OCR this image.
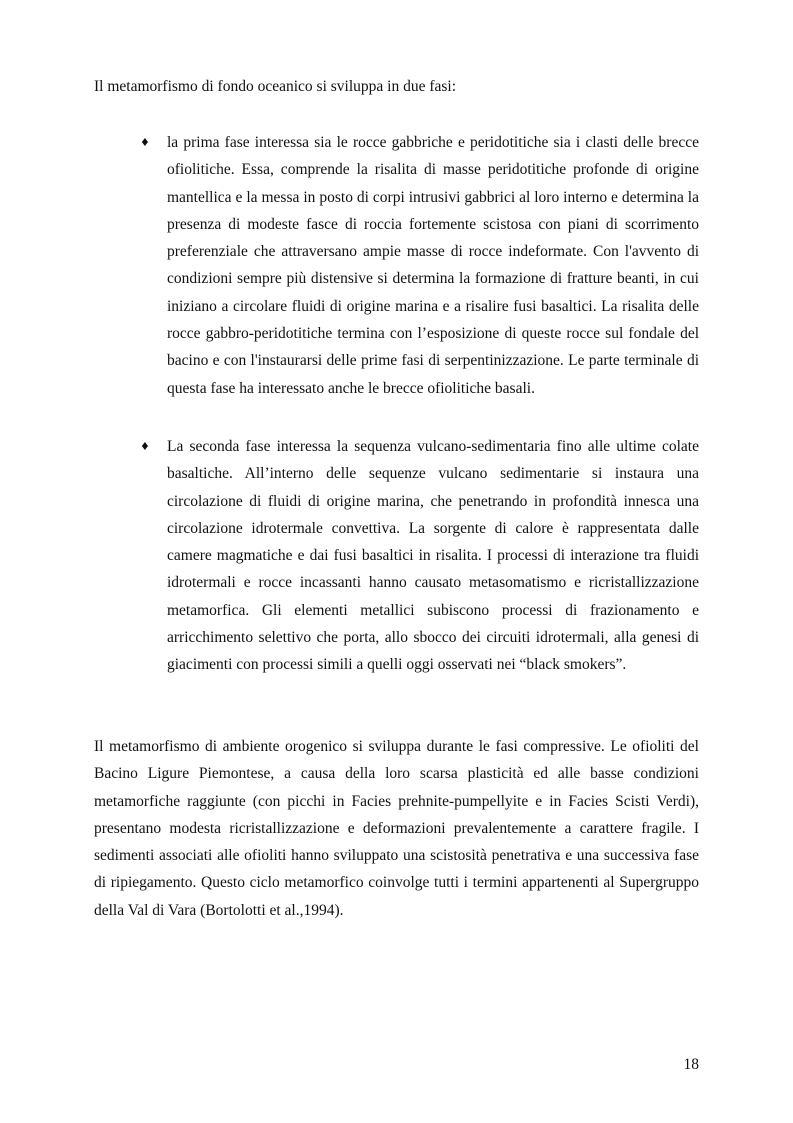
Il metamorfismo di fondo oceanico si sviluppa in due fasi:

♦	la prima fase interessa sia le rocce gabbriche e peridotitiche sia i clasti delle brecce ofiolitiche. Essa, comprende la risalita di masse peridotitiche profonde di origine mantellica e la messa in posto di corpi intrusivi gabbrici al loro interno e determina la presenza di modeste fasce di roccia fortemente scistosa con piani di scorrimento preferenziale che attraversano ampie masse di rocce indeformate. Con l'avvento di condizioni sempre più distensive si determina la formazione di fratture beanti, in cui iniziano a circolare fluidi di origine marina e a risalire fusi basaltici. La risalita delle rocce gabbro-peridotitiche termina con l’esposizione di queste rocce sul fondale del bacino e con l'instaurarsi delle prime fasi di serpentinizzazione. Le parte terminale di questa fase ha interessato anche le brecce ofiolitiche basali.

♦	La seconda fase interessa la sequenza vulcano-sedimentaria fino alle ultime colate basaltiche. All’interno delle sequenze vulcano sedimentarie si instaura una circolazione di fluidi di origine marina, che penetrando in profondità innesca una circolazione idrotermale convettiva. La sorgente di calore è rappresentata dalle camere magmatiche e dai fusi basaltici in risalita. I processi di interazione tra fluidi idrotermali e rocce incassanti hanno causato metasomatismo e ricristallizzazione metamorfica. Gli elementi metallici subiscono processi di frazionamento e arricchimento selettivo che porta, allo sbocco dei circuiti idrotermali, alla genesi di giacimenti con processi simili a quelli oggi osservati nei “black smokers”.

Il metamorfismo di ambiente orogenico si sviluppa durante le fasi compressive. Le ofioliti del Bacino Ligure Piemontese, a causa della loro scarsa plasticità ed alle basse condizioni metamorfiche raggiunte (con picchi in Facies prehnite-pumpellyite e in Facies Scisti Verdi), presentano modesta ricristallizzazione e deformazioni prevalentemente a carattere fragile. I sedimenti associati alle ofioliti hanno sviluppato una scistosità penetrativa e una successiva fase di ripiegamento. Questo ciclo metamorfico coinvolge tutti i termini appartenenti al Supergruppo della Val di Vara (Bortolotti et al.,1994).

18
